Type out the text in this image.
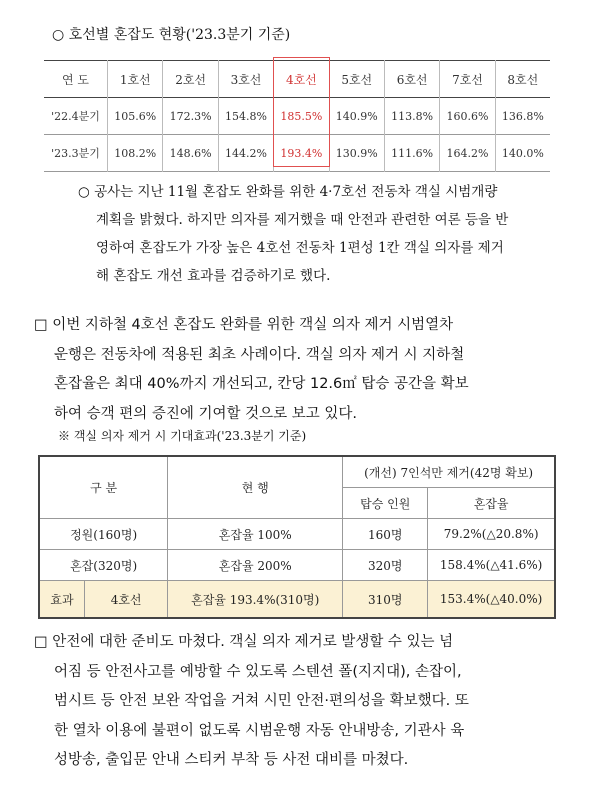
○ 호선별 혼잡도 현황('23.3분기 기준)
연 도	1호선	2호선	3호선	4호선	5호선	6호선	7호선	8호선
'22.4분기	105.6%	172.3%	154.8%	185.5%	140.9%	113.8%	160.6%	136.8%
'23.3분기	108.2%	148.6%	144.2%	193.4%	130.9%	111.6%	164.2%	140.0%
○ 공사는 지난 11월 혼잡도 완화를 위한 4·7호선 전동차 객실 시범개량
계획을 밝혔다. 하지만 의자를 제거했을 때 안전과 관련한 여론 등을 반
영하여 혼잡도가 가장 높은 4호선 전동차 1편성 1칸 객실 의자를 제거
해 혼잡도 개선 효과를 검증하기로 했다.
□ 이번 지하철 4호선 혼잡도 완화를 위한 객실 의자 제거 시범열차
운행은 전동차에 적용된 최초 사례이다. 객실 의자 제거 시 지하철
혼잡율은 최대 40%까지 개선되고, 칸당 12.6㎡ 탑승 공간을 확보
하여 승객 편의 증진에 기여할 것으로 보고 있다.
※ 객실 의자 제거 시 기대효과('23.3분기 기준)
구 분		현 행	(개선) 7인석만 제거(42명 확보)	
			탑승 인원	혼잡율
정원(160명)		혼잡율 100%	160명	79.2%(△20.8%)
혼잡(320명)		혼잡율 200%	320명	158.4%(△41.6%)
효과	4호선	혼잡율 193.4%(310명)	310명	153.4%(△40.0%)
□ 안전에 대한 준비도 마쳤다. 객실 의자 제거로 발생할 수 있는 넘
어짐 등 안전사고를 예방할 수 있도록 스텐션 폴(지지대), 손잡이,
범시트 등 안전 보완 작업을 거쳐 시민 안전·편의성을 확보했다. 또
한 열차 이용에 불편이 없도록 시범운행 자동 안내방송, 기관사 육
성방송, 출입문 안내 스티커 부착 등 사전 대비를 마쳤다.
